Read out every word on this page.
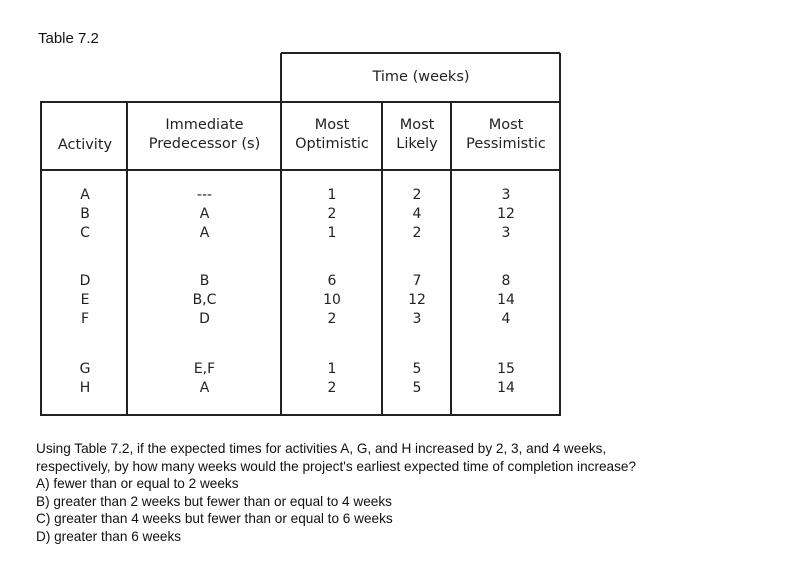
Table 7.2
Time (weeks)
Activity
Immediate
Predecessor (s)
Most
Optimistic
Most
Likely
Most
Pessimistic
A
B
C
---
A
A
1
2
1
2
4
2
3
12
3
D
E
F
B
B,C
D
6
10
2
7
12
3
8
14
4
G
H
E,F
A
1
2
5
5
15
14
Using Table 7.2, if the expected times for activities A, G, and H increased by 2, 3, and 4 weeks,
respectively, by how many weeks would the project's earliest expected time of completion increase?
A) fewer than or equal to 2 weeks
B) greater than 2 weeks but fewer than or equal to 4 weeks
C) greater than 4 weeks but fewer than or equal to 6 weeks
D) greater than 6 weeks
